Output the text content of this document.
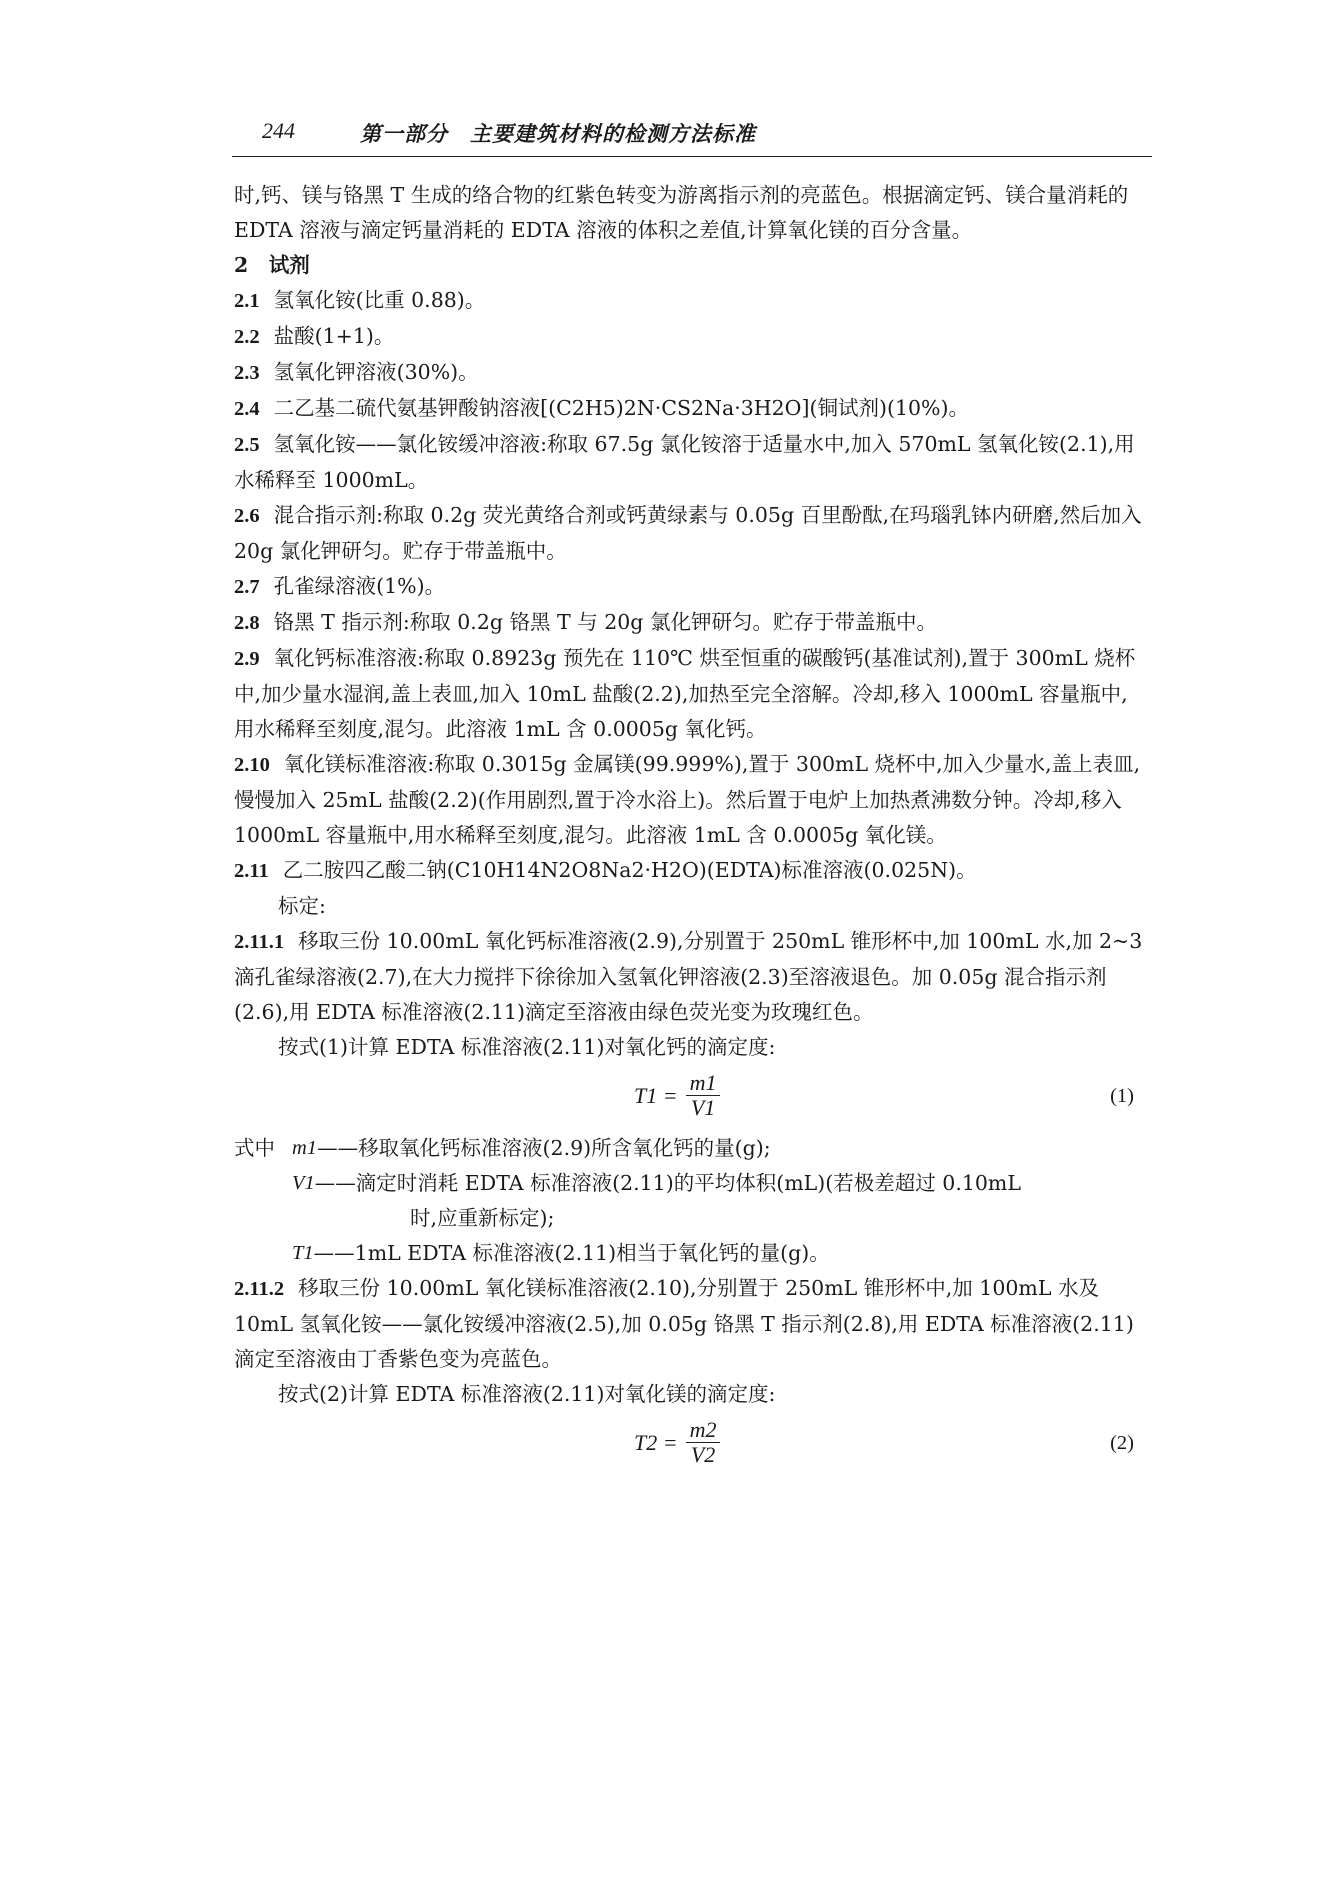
244	第一部分　主要建筑材料的检测方法标准

时,钙、镁与铬黑 T 生成的络合物的红紫色转变为游离指示剂的亮蓝色。根据滴定钙、镁合量消耗的 EDTA 溶液与滴定钙量消耗的 EDTA 溶液的体积之差值,计算氧化镁的百分含量。

2　试剂

2.1 氢氧化铵(比重 0.88)。

2.2 盐酸(1+1)。

2.3 氢氧化钾溶液(30%)。

2.4 二乙基二硫代氨基钾酸钠溶液[(C2H5)2N·CS2Na·3H2O](铜试剂)(10%)。

2.5 氢氧化铵——氯化铵缓冲溶液:称取 67.5g 氯化铵溶于适量水中,加入 570mL 氢氧化铵(2.1),用水稀释至 1000mL。

2.6 混合指示剂:称取 0.2g 荧光黄络合剂或钙黄绿素与 0.05g 百里酚酞,在玛瑙乳钵内研磨,然后加入 20g 氯化钾研匀。贮存于带盖瓶中。

2.7 孔雀绿溶液(1%)。

2.8 铬黑 T 指示剂:称取 0.2g 铬黑 T 与 20g 氯化钾研匀。贮存于带盖瓶中。

2.9 氧化钙标准溶液:称取 0.8923g 预先在 110℃ 烘至恒重的碳酸钙(基准试剂),置于 300mL 烧杯中,加少量水湿润,盖上表皿,加入 10mL 盐酸(2.2),加热至完全溶解。冷却,移入 1000mL 容量瓶中,用水稀释至刻度,混匀。此溶液 1mL 含 0.0005g 氧化钙。

2.10 氧化镁标准溶液:称取 0.3015g 金属镁(99.999%),置于 300mL 烧杯中,加入少量水,盖上表皿,慢慢加入 25mL 盐酸(2.2)(作用剧烈,置于冷水浴上)。然后置于电炉上加热煮沸数分钟。冷却,移入 1000mL 容量瓶中,用水稀释至刻度,混匀。此溶液 1mL 含 0.0005g 氧化镁。

2.11 乙二胺四乙酸二钠(C10H14N2O8Na2·H2O)(EDTA)标准溶液(0.025N)。

标定:

2.11.1 移取三份 10.00mL 氧化钙标准溶液(2.9),分别置于 250mL 锥形杯中,加 100mL 水,加 2~3 滴孔雀绿溶液(2.7),在大力搅拌下徐徐加入氢氧化钾溶液(2.3)至溶液退色。加 0.05g 混合指示剂(2.6),用 EDTA 标准溶液(2.11)滴定至溶液由绿色荧光变为玫瑰红色。

按式(1)计算 EDTA 标准溶液(2.11)对氧化钙的滴定度:

$T1 = \frac{m1}{V1}$	(1)
式中 m1 ——移取氧化钙标准溶液(2.9)所含氧化钙的量(g);
V1 ——滴定时消耗 EDTA 标准溶液(2.11)的平均体积(mL)(若极差超过 0.10mL
时,应重新标定);
T1 ——1mL EDTA 标准溶液(2.11)相当于氧化钙的量(g)。

2.11.2 移取三份 10.00mL 氧化镁标准溶液(2.10),分别置于 250mL 锥形杯中,加 100mL 水及 10mL 氢氧化铵——氯化铵缓冲溶液(2.5),加 0.05g 铬黑 T 指示剂(2.8),用 EDTA 标准溶液(2.11)滴定至溶液由丁香紫色变为亮蓝色。

按式(2)计算 EDTA 标准溶液(2.11)对氧化镁的滴定度:

$T2 = \frac{m2}{V2}$	(2)
